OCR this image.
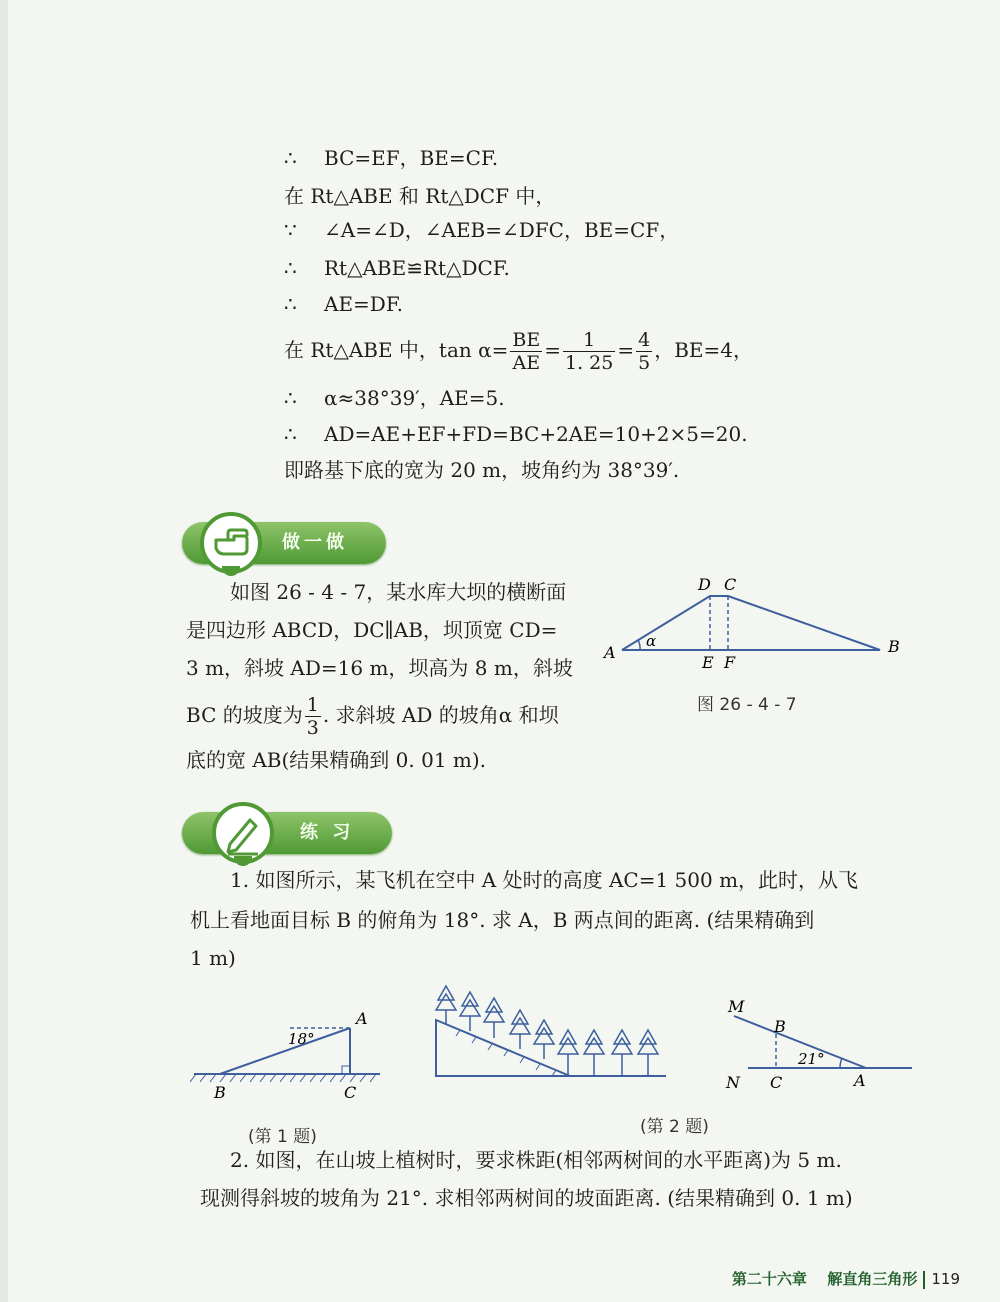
∴ BC=EF，BE=CF.
在 Rt△ABE 和 Rt△DCF 中，
∵ ∠A=∠D，∠AEB=∠DFC，BE=CF，
∴ Rt△ABE≌Rt△DCF.
∴ AE=DF.
在 Rt△ABE 中，$\tan \alpha= \frac{BE}{AE} = \frac{1}{1. 25} = \frac{4}{5}$ ，BE=4，
∴ α≈38°39′，AE=5.
∴ AD=AE+EF+FD=BC+2AE=10+2×5=20.
即路基下底的宽为 20 m，坡角约为 38°39′.
做一做
如图 26 - 4 - 7，某水库大坝的横断面
是四边形 ABCD，DC∥AB，坝顶宽 CD=
3 m，斜坡 AD=16 m，坝高为 8 m，斜坡
BC 的坡度为 $\frac{1}{3}$ . 求斜坡 AD 的坡角α 和坝
底的宽 AB(结果精确到 0. 01 m).
D C
A	B
E F
α
图 26 - 4 - 7
练 习
1. 如图所示，某飞机在空中 A 处时的高度 AC=1 500 m，此时，从飞
机上看地面目标 B 的俯角为 18°. 求 A，B 两点间的距离. (结果精确到
1 m)
18°
A
B	C
(第 1 题)	(第 2 题)
M
B
N C	A
21°
2. 如图，在山坡上植树时，要求株距(相邻两树间的水平距离)为 5 m.
现测得斜坡的坡角为 21°. 求相邻两树间的坡面距离. (结果精确到 0. 1 m)
第二十六章 解直角三角形 119
